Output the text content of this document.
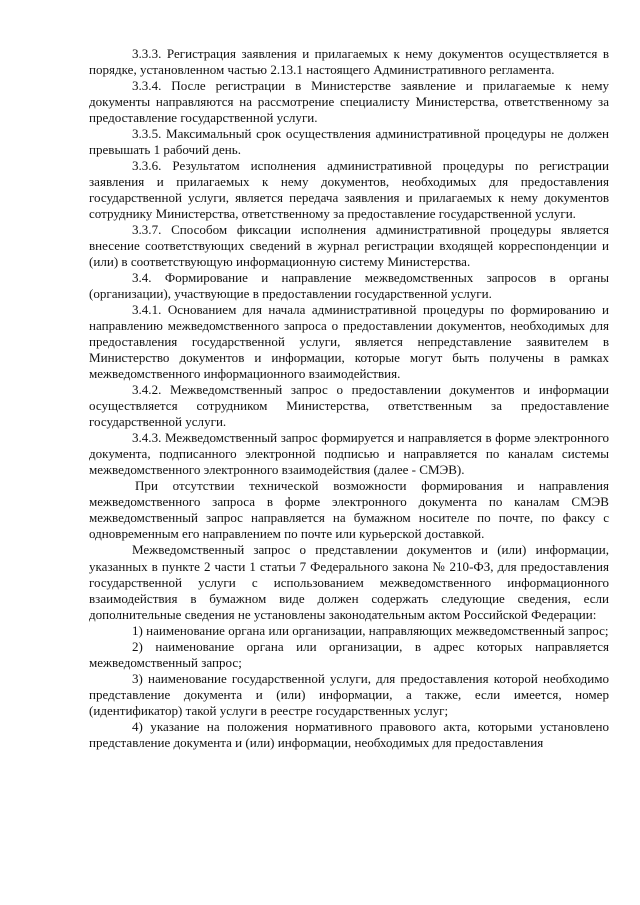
3.3.3. Регистрация заявления и прилагаемых к нему документов осуществляется в порядке, установленном частью 2.13.1 настоящего Административного регламента.

3.3.4. После регистрации в Министерстве заявление и прилагаемые к нему документы направляются на рассмотрение специалисту Министерства, ответственному за предоставление государственной услуги.

3.3.5. Максимальный срок осуществления административной процедуры не должен превышать 1 рабочий день.

3.3.6. Результатом исполнения административной процедуры по регистрации заявления и прилагаемых к нему документов, необходимых для предоставления государственной услуги, является передача заявления и прилагаемых к нему документов сотруднику Министерства, ответственному за предоставление государственной услуги.

3.3.7. Способом фиксации исполнения административной процедуры является внесение соответствующих сведений в журнал регистрации входящей корреспонденции и (или) в соответствующую информационную систему Министерства.

3.4. Формирование и направление межведомственных запросов в органы (организации), участвующие в предоставлении государственной услуги.

3.4.1. Основанием для начала административной процедуры по формированию и направлению межведомственного запроса о предоставлении документов, необходимых для предоставления государственной услуги, является непредставление заявителем в Министерство документов и информации, которые могут быть получены в рамках межведомственного информационного взаимодействия.

3.4.2. Межведомственный запрос о предоставлении документов и информации осуществляется сотрудником Министерства, ответственным за предоставление государственной услуги.

3.4.3. Межведомственный запрос формируется и направляется в форме электронного документа, подписанного электронной подписью и направляется по каналам системы межведомственного электронного взаимодействия (далее - СМЭВ).

При отсутствии технической возможности формирования и направления межведомственного запроса в форме электронного документа по каналам СМЭВ межведомственный запрос направляется на бумажном носителе по почте, по факсу с одновременным его направлением по почте или курьерской доставкой.

Межведомственный запрос о представлении документов и (или) информации, указанных в пункте 2 части 1 статьи 7 Федерального закона № 210-ФЗ, для предоставления государственной услуги с использованием межведомственного информационного взаимодействия в бумажном виде должен содержать следующие сведения, если дополнительные сведения не установлены законодательным актом Российской Федерации:

1) наименование органа или организации, направляющих межведомственный запрос;

2) наименование органа или организации, в адрес которых направляется межведомственный запрос;

3) наименование государственной услуги, для предоставления которой необходимо представление документа и (или) информации, а также, если имеется, номер (идентификатор) такой услуги в реестре государственных услуг;

4) указание на положения нормативного правового акта, которыми установлено представление документа и (или) информации, необходимых для предоставления
